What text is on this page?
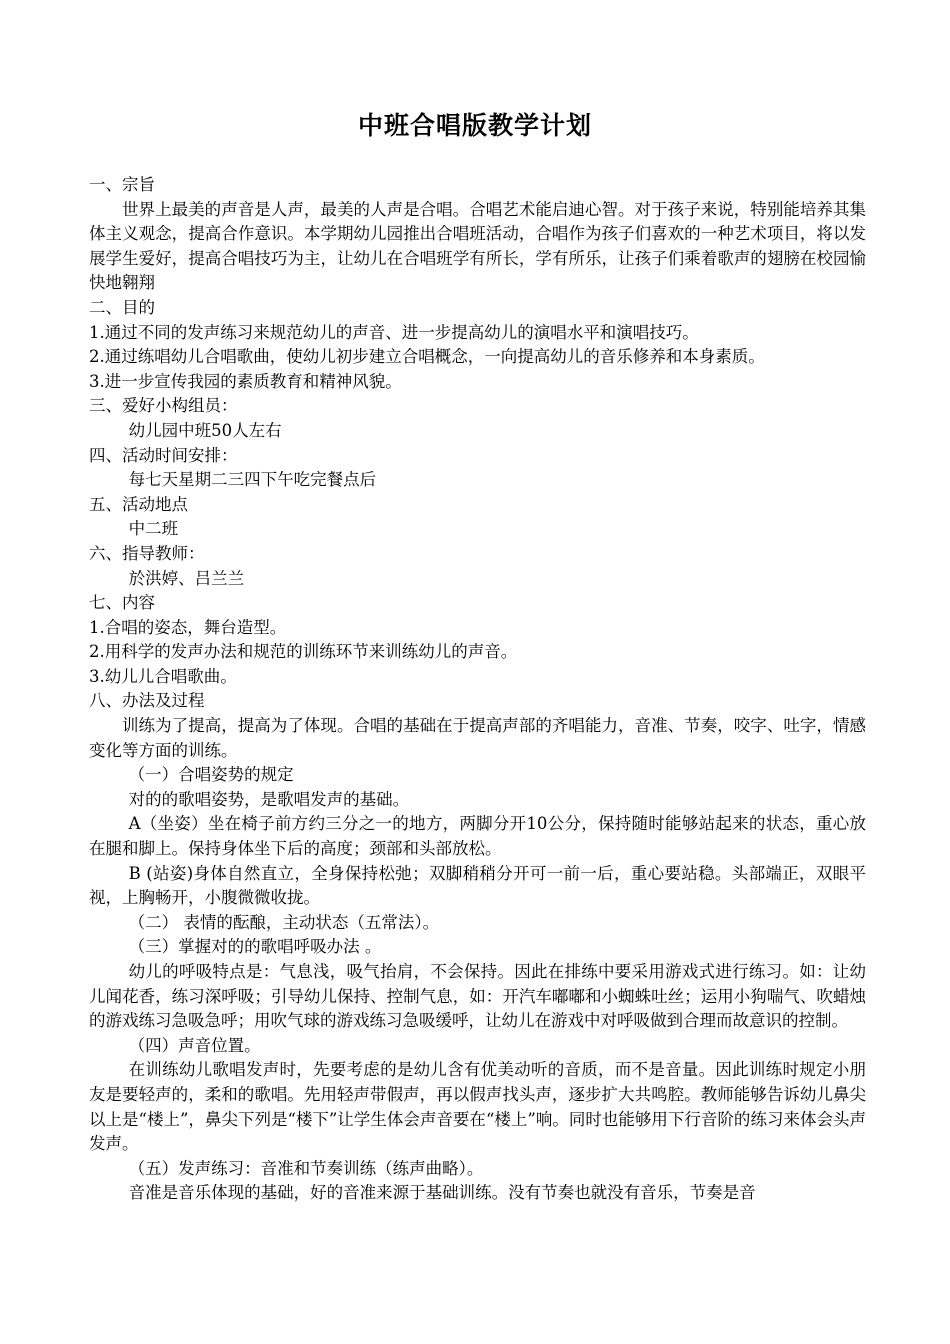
中班合唱版教学计划

一、宗旨

世界上最美的声音是人声，最美的人声是合唱。合唱艺术能启迪心智。对于孩子来说，特别能培养其集体主义观念，提高合作意识。本学期幼儿园推出合唱班活动，合唱作为孩子们喜欢的一种艺术项目，将以发展学生爱好，提高合唱技巧为主，让幼儿在合唱班学有所长，学有所乐，让孩子们乘着歌声的翅膀在校园愉快地翱翔

二、目的

1.通过不同的发声练习来规范幼儿的声音、进一步提高幼儿的演唱水平和演唱技巧。

2.通过练唱幼儿合唱歌曲，使幼儿初步建立合唱概念，一向提高幼儿的音乐修养和本身素质。

3.进一步宣传我园的素质教育和精神风貌。

三、爱好小构组员：

幼儿园中班50人左右

四、活动时间安排：

每七天星期二三四下午吃完餐点后

五、活动地点

中二班

六、指导教师：

於洪婷、吕兰兰

七、内容

1.合唱的姿态，舞台造型。

2.用科学的发声办法和规范的训练环节来训练幼儿的声音。

3.幼儿儿合唱歌曲。

八、办法及过程

训练为了提高，提高为了体现。合唱的基础在于提高声部的齐唱能力，音准、节奏，咬字、吐字，情感变化等方面的训练。

（一）合唱姿势的规定

对的的歌唱姿势，是歌唱发声的基础。

A（坐姿）坐在椅子前方约三分之一的地方，两脚分开10公分，保持随时能够站起来的状态，重心放在腿和脚上。保持身体坐下后的高度；颈部和头部放松。

B (站姿)身体自然直立，全身保持松弛；双脚稍稍分开可一前一后，重心要站稳。头部端正，双眼平视，上胸畅开，小腹微微收拢。

（二） 表情的酝酿，主动状态（五常法）。

（三）掌握对的的歌唱呼吸办法 。

幼儿的呼吸特点是：气息浅，吸气抬肩，不会保持。因此在排练中要采用游戏式进行练习。如：让幼儿闻花香，练习深呼吸；引导幼儿保持、控制气息，如：开汽车嘟嘟和小蜘蛛吐丝；运用小狗喘气、吹蜡烛的游戏练习急吸急呼；用吹气球的游戏练习急吸缓呼，让幼儿在游戏中对呼吸做到合理而故意识的控制。

（四）声音位置。

在训练幼儿歌唱发声时，先要考虑的是幼儿含有优美动听的音质，而不是音量。因此训练时规定小朋友是要轻声的，柔和的歌唱。先用轻声带假声，再以假声找头声，逐步扩大共鸣腔。教师能够告诉幼儿鼻尖以上是“楼上”，鼻尖下列是“楼下”让学生体会声音要在“楼上”响。同时也能够用下行音阶的练习来体会头声发声。

（五）发声练习：音准和节奏训练（练声曲略）。

音准是音乐体现的基础，好的音准来源于基础训练。没有节奏也就没有音乐，节奏是音
